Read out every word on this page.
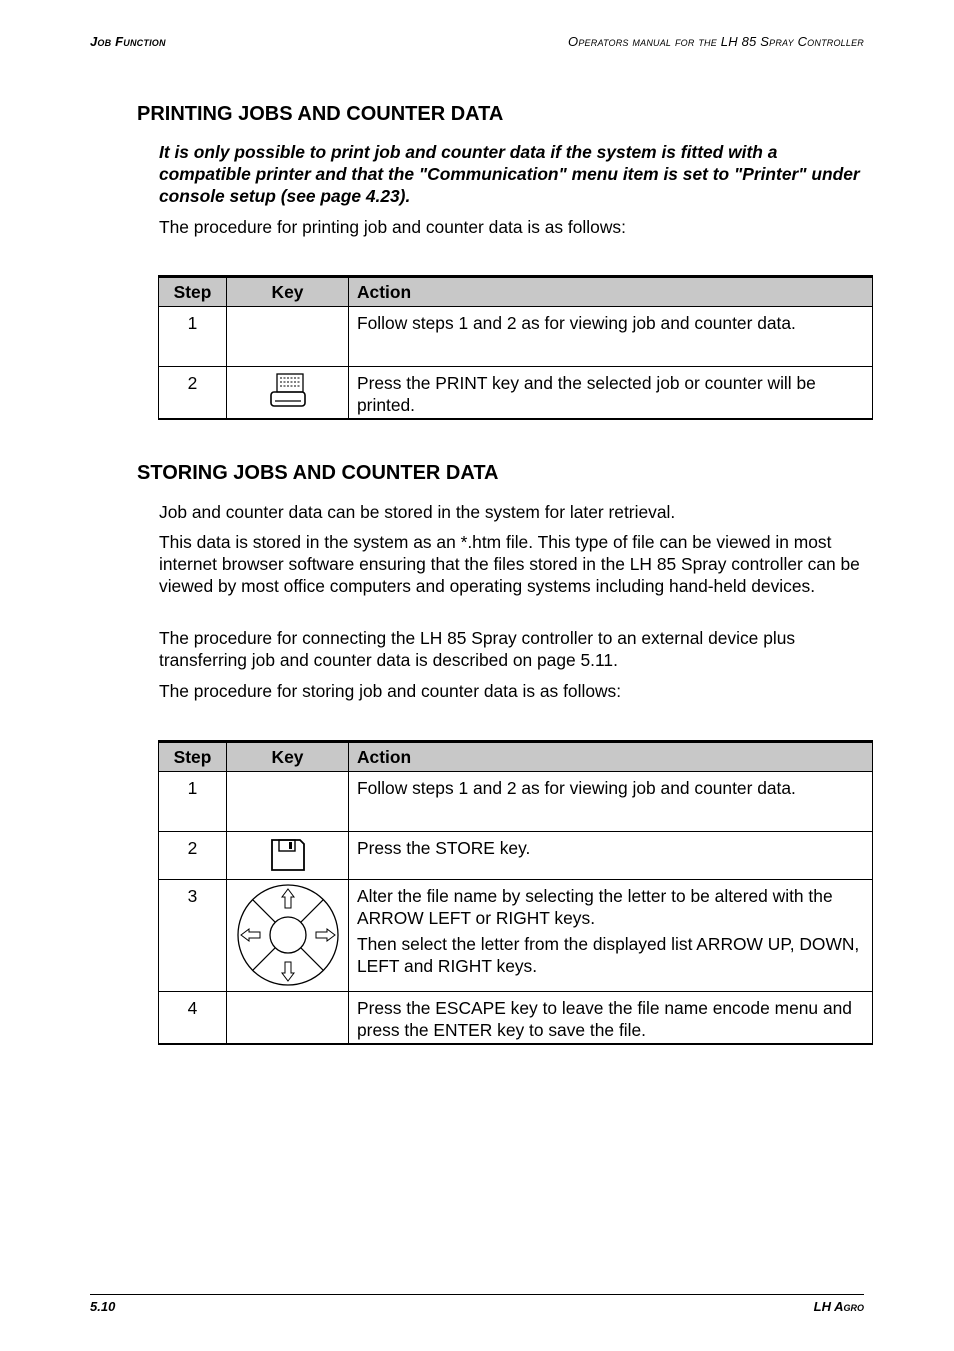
Job Function	Operators manual for the LH 85 Spray Controller
PRINTING JOBS AND COUNTER DATA

It is only possible to print job and counter data if the system is fitted with a compatible printer and that the "Communication" menu item is set to "Printer" under console setup (see page 4.23).

The procedure for printing job and counter data is as follows:

Step	Key	Action
1		Follow steps 1 and 2 as for viewing job and counter data.

2		Press the PRINT key and the selected job or counter will be printed.
STORING JOBS AND COUNTER DATA

Job and counter data can be stored in the system for later retrieval.

This data is stored in the system as an *.htm file. This type of file can be viewed in most internet browser software ensuring that the files stored in the LH 85 Spray controller can be viewed by most office computers and operating systems including hand-held devices.

The procedure for connecting the LH 85 Spray controller to an external device plus transferring job and counter data is described on page 5.11.

The procedure for storing job and counter data is as follows:

Step	Key	Action
1		Follow steps 1 and 2 as for viewing job and counter data.

2		Press the STORE key.

3		Alter the file name by selecting the letter to be altered with the ARROW LEFT or RIGHT keys.
Then select the letter from the displayed list ARROW UP, DOWN, LEFT and RIGHT keys.

4		Press the ESCAPE key to leave the file name encode menu and press the ENTER key to save the file.
5.10	LH Agro
